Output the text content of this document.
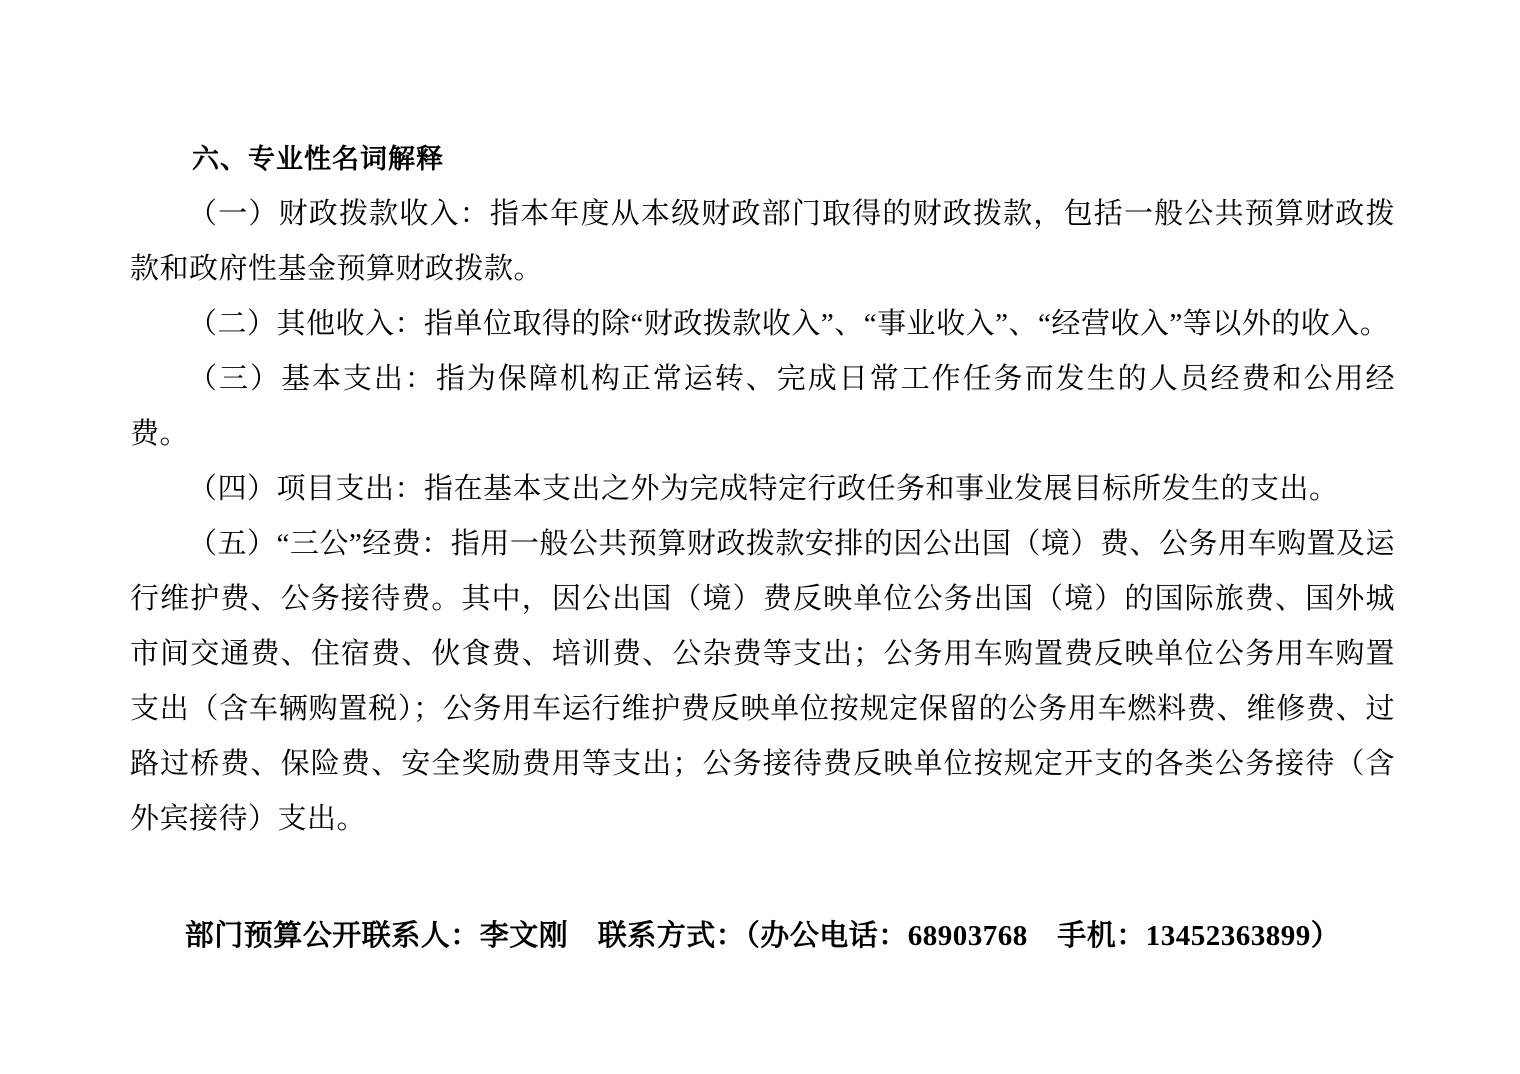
六、专业性名词解释

（一）财政拨款收入：指本年度从本级财政部门取得的财政拨款，包括一般公共预算财政拨款和政府性基金预算财政拨款。

（二）其他收入：指单位取得的除“财政拨款收入”、“事业收入”、“经营收入”等以外的收入。

（三）基本支出：指为保障机构正常运转、完成日常工作任务而发生的人员经费和公用经费。

（四）项目支出：指在基本支出之外为完成特定行政任务和事业发展目标所发生的支出。

（五）“三公”经费：指用一般公共预算财政拨款安排的因公出国（境）费、公务用车购置及运行维护费、公务接待费。其中，因公出国（境）费反映单位公务出国（境）的国际旅费、国外城市间交通费、住宿费、伙食费、培训费、公杂费等支出；公务用车购置费反映单位公务用车购置支出（含车辆购置税）；公务用车运行维护费反映单位按规定保留的公务用车燃料费、维修费、过路过桥费、保险费、安全奖励费用等支出；公务接待费反映单位按规定开支的各类公务接待（含外宾接待）支出。

部门预算公开联系人：李文刚　联系方式：（办公电话：68903768　手机：13452363899）
